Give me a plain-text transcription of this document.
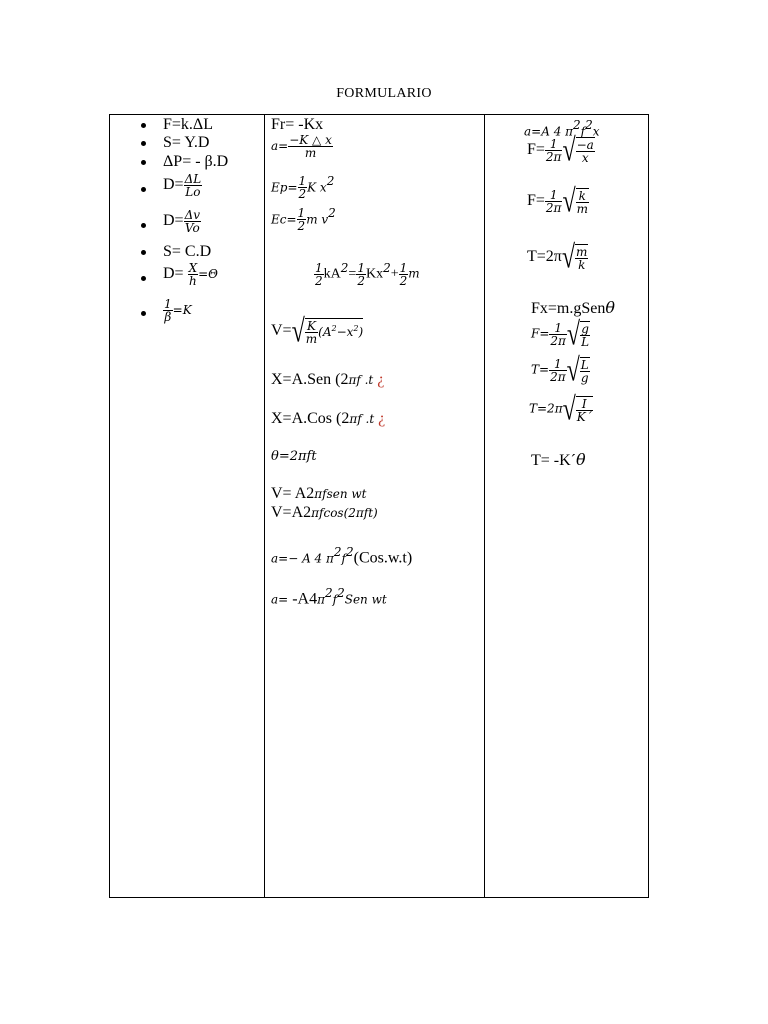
FORMULARIO
F=k.ΔL
S= Y.D
ΔP= - β.D
$D= \frac{\Delta L}{Lo}$
$D= \frac{\Delta v}{Vo}$
S= C.D
$D= \frac{X}{h} =\Theta$
$\frac{1}{\beta} =K$
Fr= -Kx
$a= \frac{-K \triangle x}{m}$
$Ep= \frac{1}{2}$ K $x^2$
$Ec= \frac{1}{2}$ m $v^2$
$\frac{1}{2} kA^2= \frac{1}{2} Kx^2+ \frac{1}{2}$ m
$V=√ \frac{K}{m} (A^2-x^2)$
X=A.Sen (2πf .t ¿
X=A.Cos (2πf .t ¿
θ=2πft
V= A2πfsen wt
V=A2πfcos(2πft)
a=− A 4 $\pi^2f^2(Cos.w.t)$
$a= -A4\pi^2f^2Sen$ wt
a=A 4 $\pi^2f^2x$
$F= \frac{1}{2\pi}$ √ $\frac{-a}{x}$
$F= \frac{1}{2\pi}$ √ $\frac{k}{m}$
$T=2\pi√ \frac{m}{k}$
Fx=m.gSenθ
$F= \frac{1}{2\pi}$ √ $\frac{g}{L}$
$T= \frac{1}{2\pi}$ √ $\frac{L}{g}$
$T=2\pi√ \frac{I}{K´}$
T= -K´θ
